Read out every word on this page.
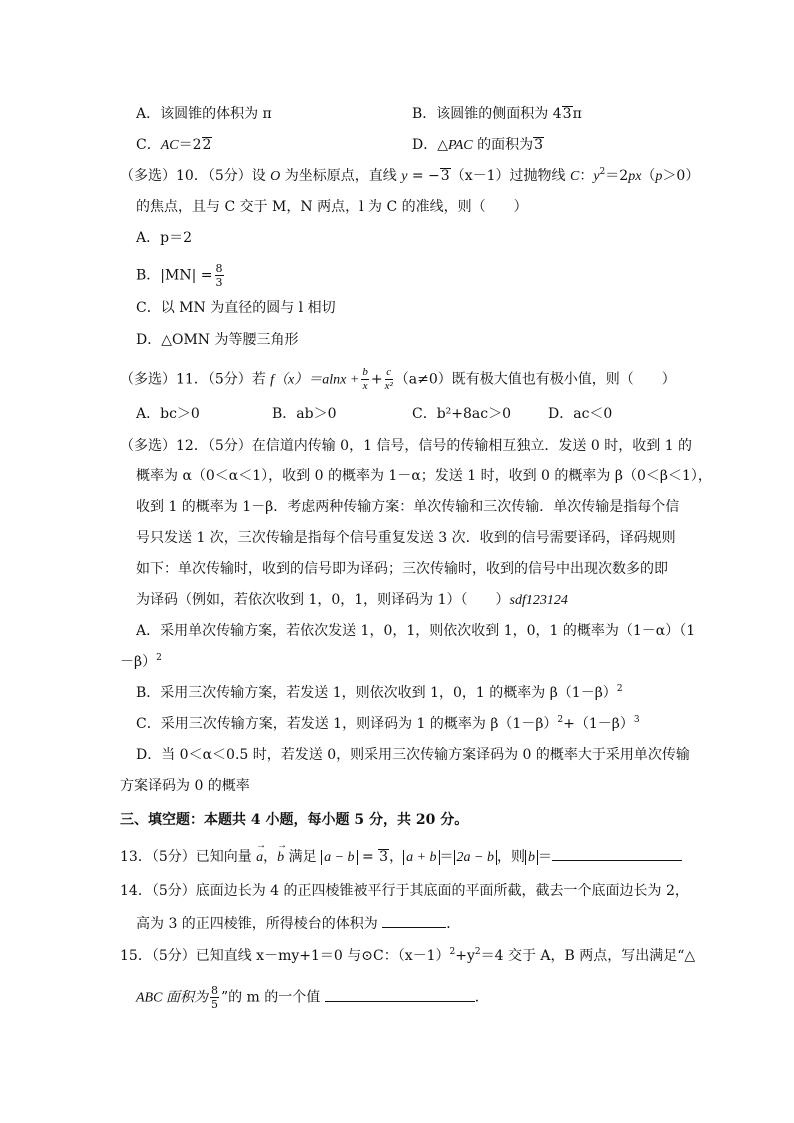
A．该圆锥的体积为 π	B．该圆锥的侧面积为 43π
C．AC＝22	D．△PAC 的面积为3
（多选）10．（5分）设 O 为坐标原点，直线 y = −3（x－1）过抛物线 C：$y^2=2px(p>0)$
的焦点，且与 C 交于 M，N 两点，l 为 C 的准线，则（　　）
A．p＝2
B．$|MN| = \frac{8}{3}$
C．以 MN 为直径的圆与 l 相切
D．△OMN 为等腰三角形
（多选）11．（5分）若 $f(x)=alnx + \frac{b}{x} + \frac{c}{\text{x²}} (a\ne 0)$既有极大值也有极小值，则（　　）
A．bc＞0	B．ab＞0	C．b²+8ac＞0	D．ac＜0
（多选）12．（5分）在信道内传输 0，1 信号，信号的传输相互独立．发送 0 时，收到 1 的
概率为 α（0＜α＜1），收到 0 的概率为 1－α；发送 1 时，收到 0 的概率为 β（0＜β＜1），
收到 1 的概率为 1－β．考虑两种传输方案：单次传输和三次传输．单次传输是指每个信
号只发送 1 次，三次传输是指每个信号重复发送 3 次．收到的信号需要译码，译码规则
如下：单次传输时，收到的信号即为译码；三次传输时，收到的信号中出现次数多的即
为译码（例如，若依次收到 1，0，1，则译码为 1）（　　）sdf123124
A．采用单次传输方案，若依次发送 1，0，1，则依次收到 1，0，1 的概率为（1－α）（1
－β）$^2$
B．采用三次传输方案，若发送 1，则依次收到 1，0，1 的概率为 $\beta(1-\beta)^2$
C．采用三次传输方案，若发送 1，则译码为 1 的概率为 $\beta(1-\beta)^2+(1-\beta)^3$
D．当 0＜α＜0.5 时，若发送 0，则采用三次传输方案译码为 0 的概率大于采用单次传输
方案译码为 0 的概率
三、填空题：本题共 4 小题，每小题 5 分，共 20 分。
13．（5分）已知向量 → a，→ b 满足 a − b = 3， a + b ＝ 2a − b ，则 b ＝
14．（5分）底面边长为 4 的正四棱锥被平行于其底面的平面所截，截去一个底面边长为 2，
高为 3 的正四棱锥，所得棱台的体积为	．
15．（5分）已知直线 x－my+1＝0 与⊙C：$(x-1)^2+y^2=4$ 交于 A，B 两点，写出满足“△
ABC 面积为 $\frac{8}{5}$ ”的 m 的一个值	．
